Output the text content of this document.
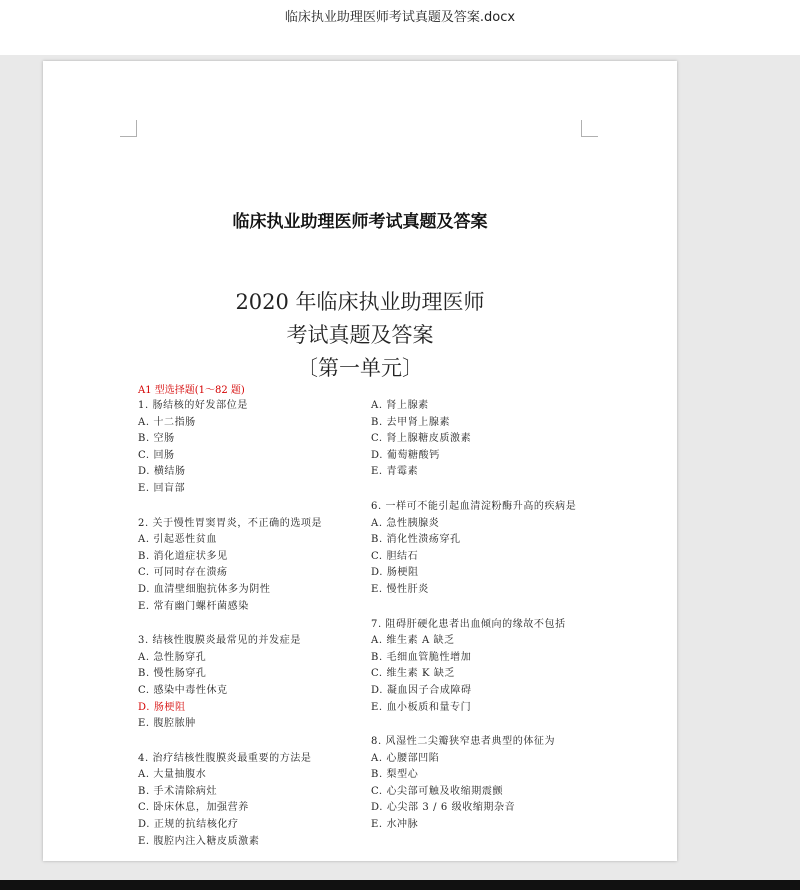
临床执业助理医师考试真题及答案.docx
临床执业助理医师考试真题及答案
2020 年临床执业助理医师
考试真题及答案
〔第一单元〕
A1 型选择题(1～82 题)
1. 肠结核的好发部位是
A. 十二指肠
B. 空肠
C. 回肠
D. 横结肠
E. 回盲部
2. 关于慢性胃窦胃炎，不正确的选项是
A. 引起恶性贫血
B. 消化道症状多见
C. 可同时存在溃疡
D. 血清壁细胞抗体多为阴性
E. 常有幽门螺杆菌感染
3. 结核性腹膜炎最常见的并发症是
A. 急性肠穿孔
B. 慢性肠穿孔
C. 感染中毒性休克
D. 肠梗阻
E. 腹腔脓肿
4. 治疗结核性腹膜炎最重要的方法是
A. 大量抽腹水
B. 手术清除病灶
C. 卧床休息，加强营养
D. 正规的抗结核化疗
E. 腹腔内注入糖皮质激素
A. 肾上腺素
B. 去甲肾上腺素
C. 肾上腺糖皮质激素
D. 葡萄糖酸钙
E. 青霉素
6. 一样可不能引起血清淀粉酶升高的疾病是
A. 急性胰腺炎
B. 消化性溃疡穿孔
C. 胆结石
D. 肠梗阻
E. 慢性肝炎
7. 阻碍肝硬化患者出血倾向的缘故不包括
A. 维生素 A 缺乏
B. 毛细血管脆性增加
C. 维生素 K 缺乏
D. 凝血因子合成障碍
E. 血小板质和量专门
8. 风湿性二尖瓣狭窄患者典型的体征为
A. 心腰部凹陷
B. 梨型心
C. 心尖部可触及收缩期震颤
D. 心尖部 3 / 6 级收缩期杂音
E. 水冲脉
